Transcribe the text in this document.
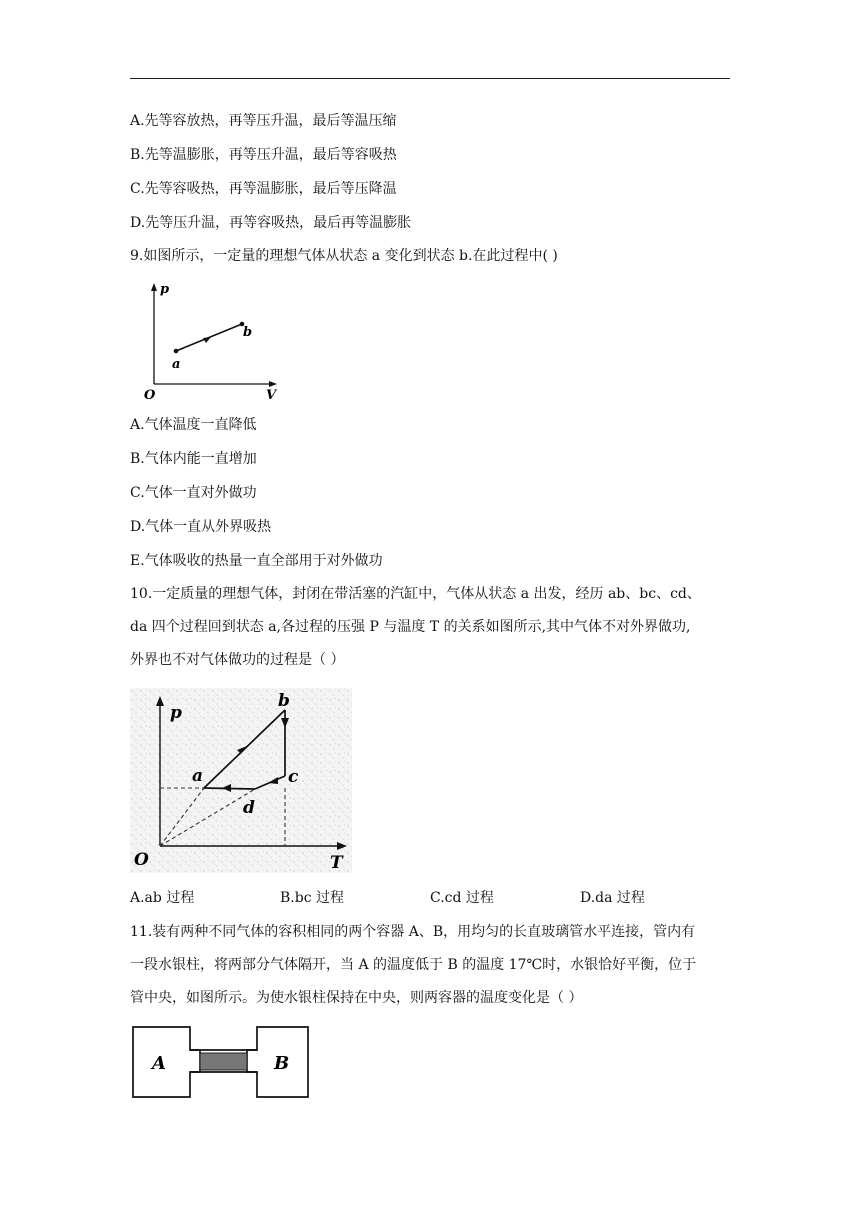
A.先等容放热，再等压升温，最后等温压缩
B.先等温膨胀，再等压升温，最后等容吸热
C.先等容吸热，再等温膨胀，最后等压降温
D.先等压升温，再等容吸热，最后再等温膨胀
9.如图所示，一定量的理想气体从状态 a 变化到状态 b.在此过程中( )
p
V
O
a
b
A.气体温度一直降低
B.气体内能一直增加
C.气体一直对外做功
D.气体一直从外界吸热
E.气体吸收的热量一直全部用于对外做功
10.一定质量的理想气体，封闭在带活塞的汽缸中，气体从状态 a 出发，经历 ab、bc、cd、
da 四个过程回到状态 a,各过程的压强 P 与温度 T 的关系如图所示,其中气体不对外界做功,
外界也不对气体做功的过程是（ ）
p
T
O
a
b
c
d
A.ab 过程	B.bc 过程	C.cd 过程	D.da 过程
11.装有两种不同气体的容积相同的两个容器 A、B，用均匀的长直玻璃管水平连接，管内有
一段水银柱，将两部分气体隔开，当 A 的温度低于 B 的温度 17℃时，水银恰好平衡，位于
管中央，如图所示。为使水银柱保持在中央，则两容器的温度变化是（ ）
A	B
